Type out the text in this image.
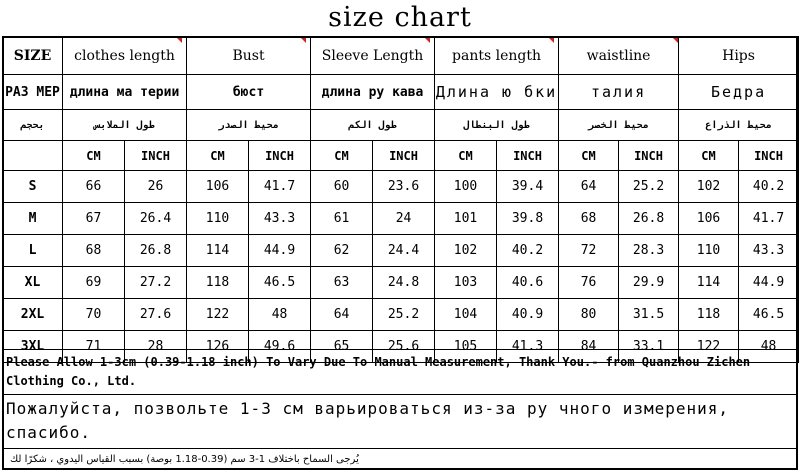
size chart
SIZE	clothes length		Bust		Sleeve Length		pants length		waistline		Hips	
РАЗ МЕР	длина ма терии		бюст		длина ру кава		Длина ю бки		талия		Бедра	
بحجم	طول الملابس		محيط الصدر		طول الكم		طول البنطال		محيط الخصر		محيط الذراع	
	CM	INCH	CM	INCH	CM	INCH	CM	INCH	CM	INCH	CM	INCH
S	66	26	106	41.7	60	23.6	100	39.4	64	25.2	102	40.2
M	67	26.4	110	43.3	61	24	101	39.8	68	26.8	106	41.7
L	68	26.8	114	44.9	62	24.4	102	40.2	72	28.3	110	43.3
XL	69	27.2	118	46.5	63	24.8	103	40.6	76	29.9	114	44.9
2XL	70	27.6	122	48	64	25.2	104	40.9	80	31.5	118	46.5
3XL	71	28	126	49.6	65	25.6	105	41.3	84	33.1	122	48
Please Allow 1-3cm (0.39-1.18 inch) To Vary Due To Manual Measurement, Thank You.- from Quanzhou Zichen Clothing Co., Ltd.
Пожалуйста, позвольте 1-3 см варьироваться из-за ру чного измерения, спасибо.
يُرجى السماح باختلاف 1-3 سم (0.39-1.18 بوصة) بسبب القياس اليدوي ، شكرًا لك
